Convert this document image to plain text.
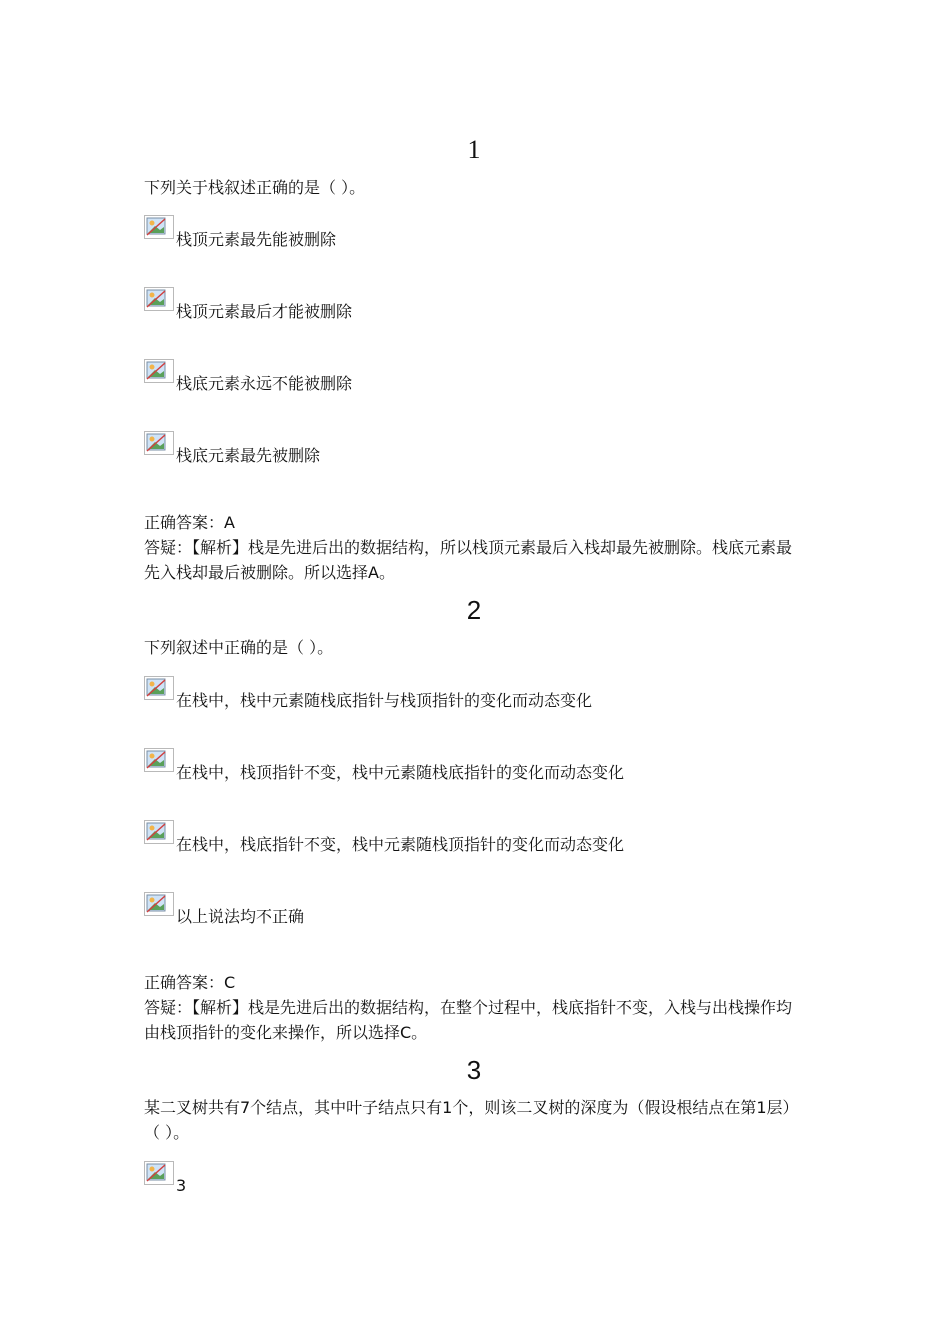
1

下列关于栈叙述正确的是（ ）。

栈顶元素最先能被删除
栈顶元素最后才能被删除
栈底元素永远不能被删除
栈底元素最先被删除

正确答案：A

答疑：【解析】栈是先进后出的数据结构，所以栈顶元素最后入栈却最先被删除。栈底元素最先入栈却最后被删除。所以选择A。

2

下列叙述中正确的是（ ）。

在栈中，栈中元素随栈底指针与栈顶指针的变化而动态变化
在栈中，栈顶指针不变，栈中元素随栈底指针的变化而动态变化
在栈中，栈底指针不变，栈中元素随栈顶指针的变化而动态变化
以上说法均不正确

正确答案：C

答疑：【解析】栈是先进后出的数据结构，在整个过程中，栈底指针不变，入栈与出栈操作均由栈顶指针的变化来操作，所以选择C。

3

某二叉树共有7个结点，其中叶子结点只有1个，则该二叉树的深度为（假设根结点在第1层）（ ）。

3
